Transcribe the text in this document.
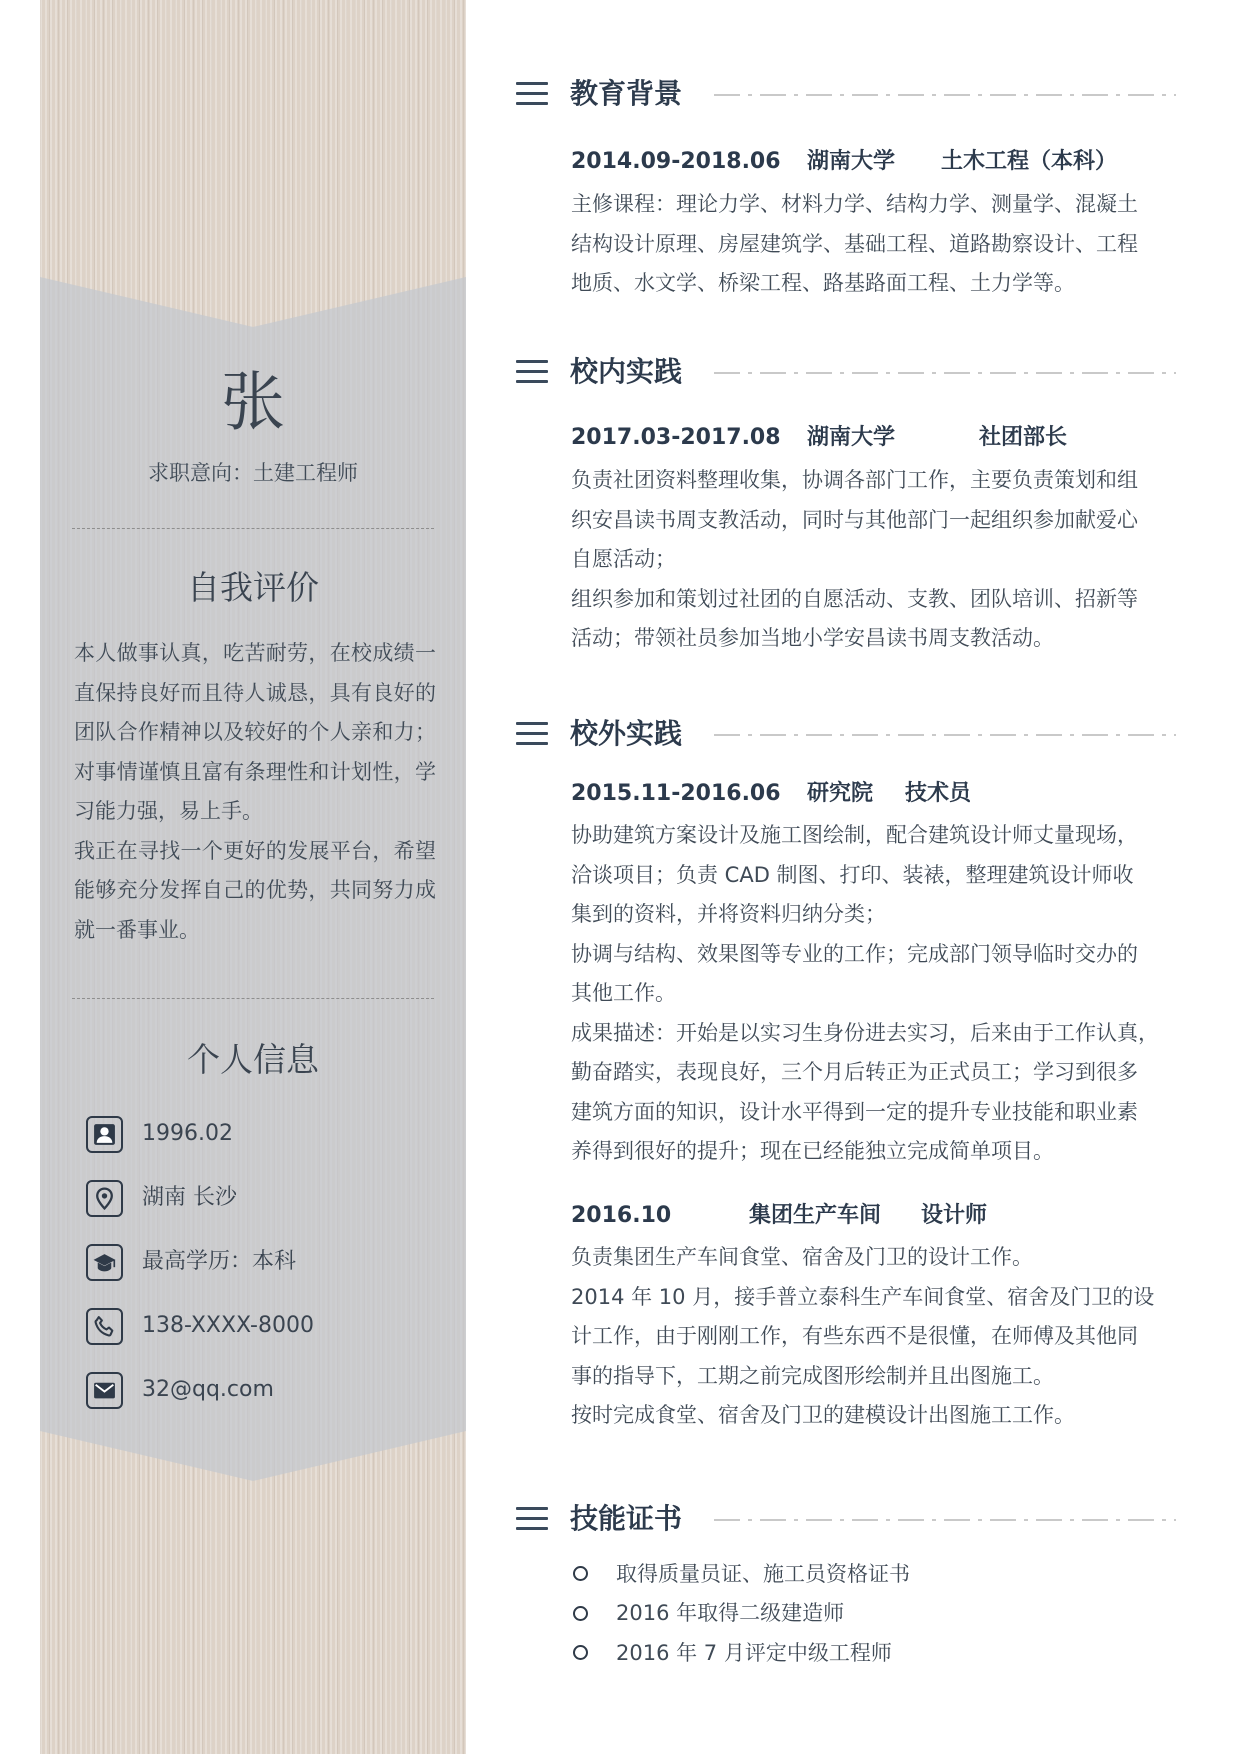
张
求职意向：土建工程师
自我评价

本人做事认真，吃苦耐劳，在校成绩一直保持良好而且待人诚恳，具有良好的团队合作精神以及较好的个人亲和力；对事情谨慎且富有条理性和计划性，学习能力强，易上手。

我正在寻找一个更好的发展平台，希望能够充分发挥自己的优势，共同努力成就一番事业。

个人信息
1996.02
湖南 长沙
最高学历：本科
138-XXXX-8000
32@qq.com
教育背景
2014.09-2018.06 湖南大学 土木工程（本科）

主修课程：理论力学、材料力学、结构力学、测量学、混凝土

结构设计原理、房屋建筑学、基础工程、道路勘察设计、工程

地质、水文学、桥梁工程、路基路面工程、土力学等。

校内实践
2017.03-2017.08 湖南大学	社团部长

负责社团资料整理收集，协调各部门工作，主要负责策划和组

织安昌读书周支教活动，同时与其他部门一起组织参加献爱心

自愿活动；

组织参加和策划过社团的自愿活动、支教、团队培训、招新等

活动；带领社员参加当地小学安昌读书周支教活动。

校外实践
2015.11-2016.06 研究院 技术员

协助建筑方案设计及施工图绘制，配合建筑设计师丈量现场，

洽谈项目；负责 CAD 制图、打印、装裱，整理建筑设计师收

集到的资料，并将资料归纳分类；

协调与结构、效果图等专业的工作；完成部门领导临时交办的

其他工作。

成果描述：开始是以实习生身份进去实习，后来由于工作认真，

勤奋踏实，表现良好，三个月后转正为正式员工；学习到很多

建筑方面的知识，设计水平得到一定的提升专业技能和职业素

养得到很好的提升；现在已经能独立完成简单项目。

2016.10	集团生产车间 设计师

负责集团生产车间食堂、宿舍及门卫的设计工作。

2014 年 10 月，接手普立泰科生产车间食堂、宿舍及门卫的设

计工作，由于刚刚工作，有些东西不是很懂，在师傅及其他同

事的指导下，工期之前完成图形绘制并且出图施工。

按时完成食堂、宿舍及门卫的建模设计出图施工工作。

技能证书
取得质量员证、施工员资格证书
2016 年取得二级建造师
2016 年 7 月评定中级工程师
